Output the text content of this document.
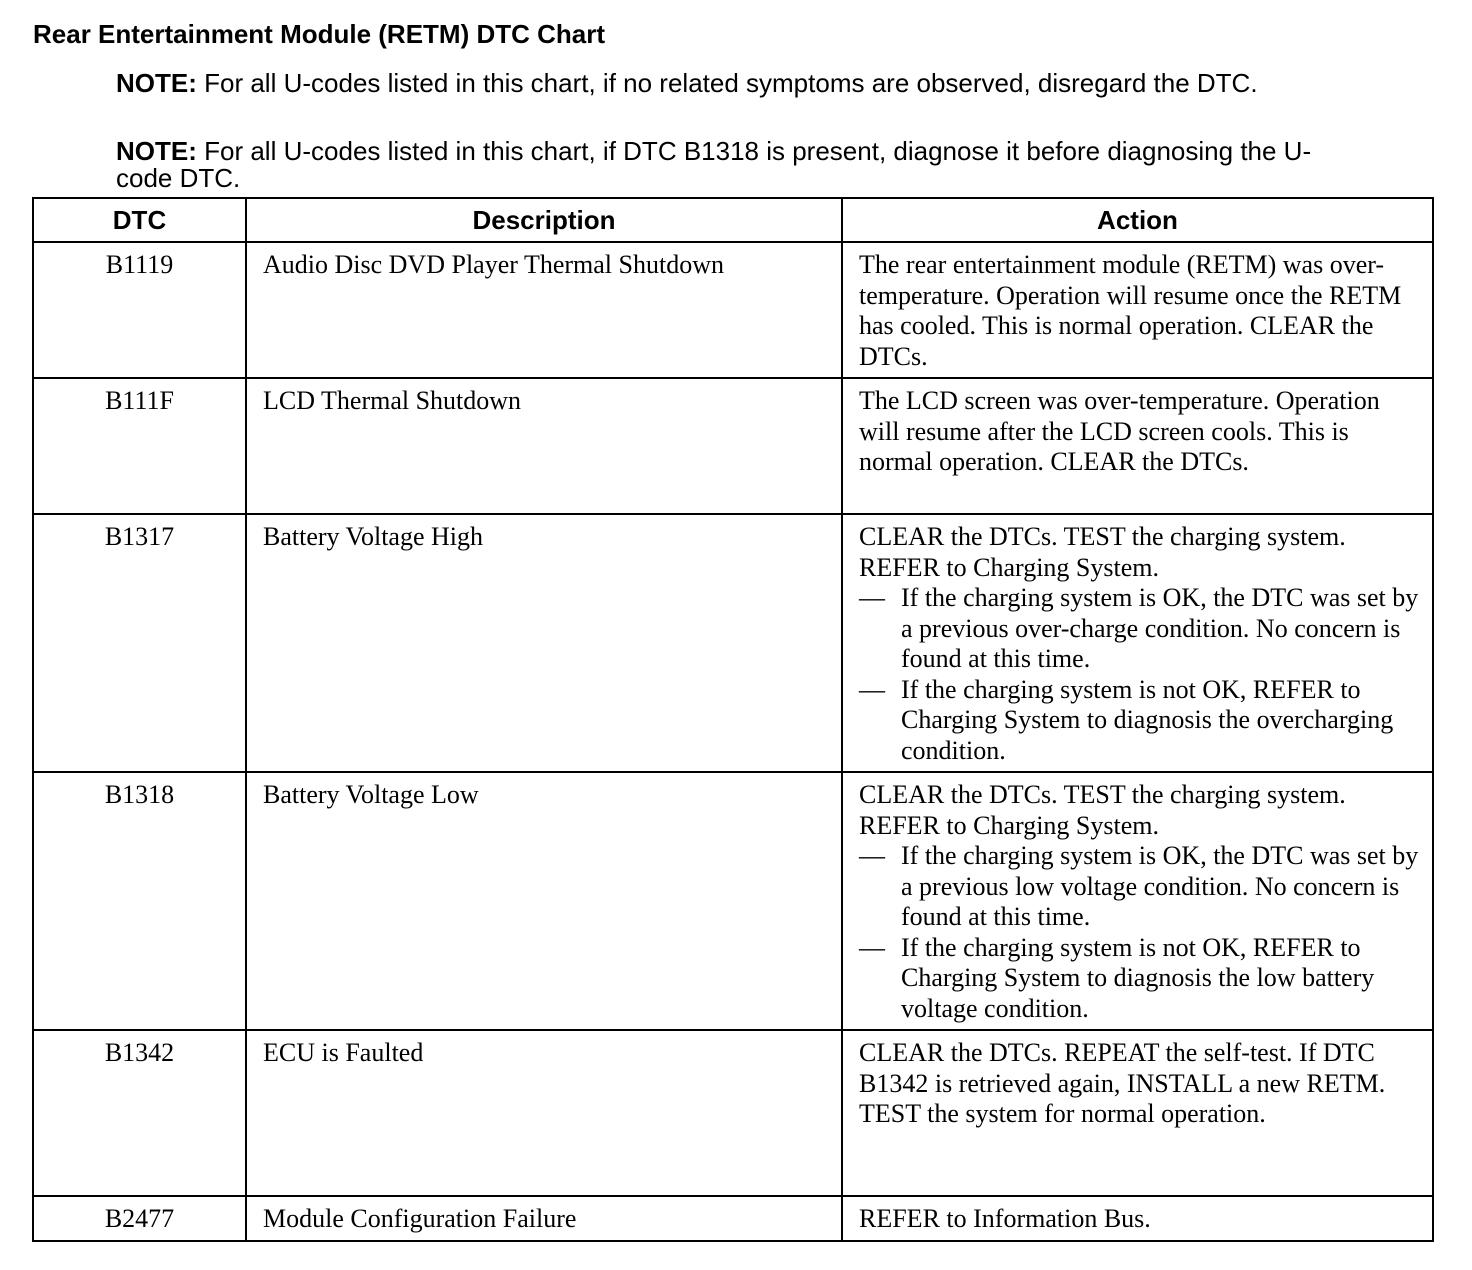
Rear Entertainment Module (RETM) DTC Chart

NOTE: For all U-codes listed in this chart, if no related symptoms are observed, disregard the DTC.

NOTE: For all U-codes listed in this chart, if DTC B1318 is present, diagnose it before diagnosing the U-code DTC.

DTC	Description	Action
B1119	Audio Disc DVD Player Thermal Shutdown	The rear entertainment module (RETM) was over-temperature. Operation will resume once the RETM has cooled. This is normal operation. CLEAR the DTCs.

B111F	LCD Thermal Shutdown	The LCD screen was over-temperature. Operation will resume after the LCD screen cools. This is normal operation. CLEAR the DTCs.

B1317	Battery Voltage High	CLEAR the DTCs. TEST the charging system. REFER to Charging System.
— If the charging system is OK, the DTC was set by a previous over-charge condition. No concern is found at this time.
— If the charging system is not OK, REFER to Charging System to diagnosis the overcharging condition.

B1318	Battery Voltage Low	CLEAR the DTCs. TEST the charging system. REFER to Charging System.
— If the charging system is OK, the DTC was set by a previous low voltage condition. No concern is found at this time.
— If the charging system is not OK, REFER to Charging System to diagnosis the low battery voltage condition.

B1342	ECU is Faulted	CLEAR the DTCs. REPEAT the self-test. If DTC B1342 is retrieved again, INSTALL a new RETM. TEST the system for normal operation.

B2477	Module Configuration Failure	REFER to Information Bus.
